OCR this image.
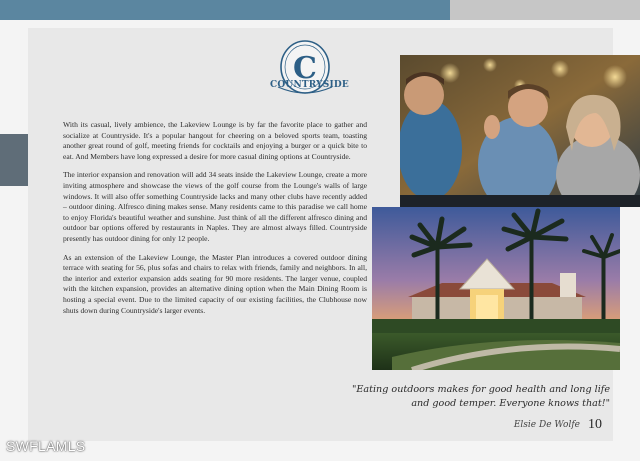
C
COUNTRYSIDE

With its casual, lively ambience, the Lakeview Lounge is by far the favorite place to gather and socialize at Countryside. It's a popular hangout for cheering on a beloved sports team, toasting another great round of golf, meeting friends for cocktails and enjoying a burger or a quick bite to eat. And Members have long expressed a desire for more casual dining options at Countryside.

The interior expansion and renovation will add 34 seats inside the Lakeview Lounge, create a more inviting atmosphere and showcase the views of the golf course from the Lounge's walls of large windows. It will also offer something Countryside lacks and many other clubs have recently added – outdoor dining. Alfresco dining makes sense. Many residents came to this paradise we call home to enjoy Florida's beautiful weather and sunshine. Just think of all the different alfresco dining and outdoor bar options offered by restaurants in Naples. They are almost always filled. Countryside presently has outdoor dining for only 12 people.

As an extension of the Lakeview Lounge, the Master Plan introduces a covered outdoor dining terrace with seating for 56, plus sofas and chairs to relax with friends, family and neighbors. In all, the interior and exterior expansion adds seating for 90 more residents. The larger venue, coupled with the kitchen expansion, provides an alternative dining option when the Main Dining Room is hosting a special event. Due to the limited capacity of our existing facilities, the Clubhouse now shuts down during Countryside's larger events.

"Eating outdoors makes for good health and long life
and good temper. Everyone knows that!"
Elsie De Wolfe 10
SWFLAMLS
